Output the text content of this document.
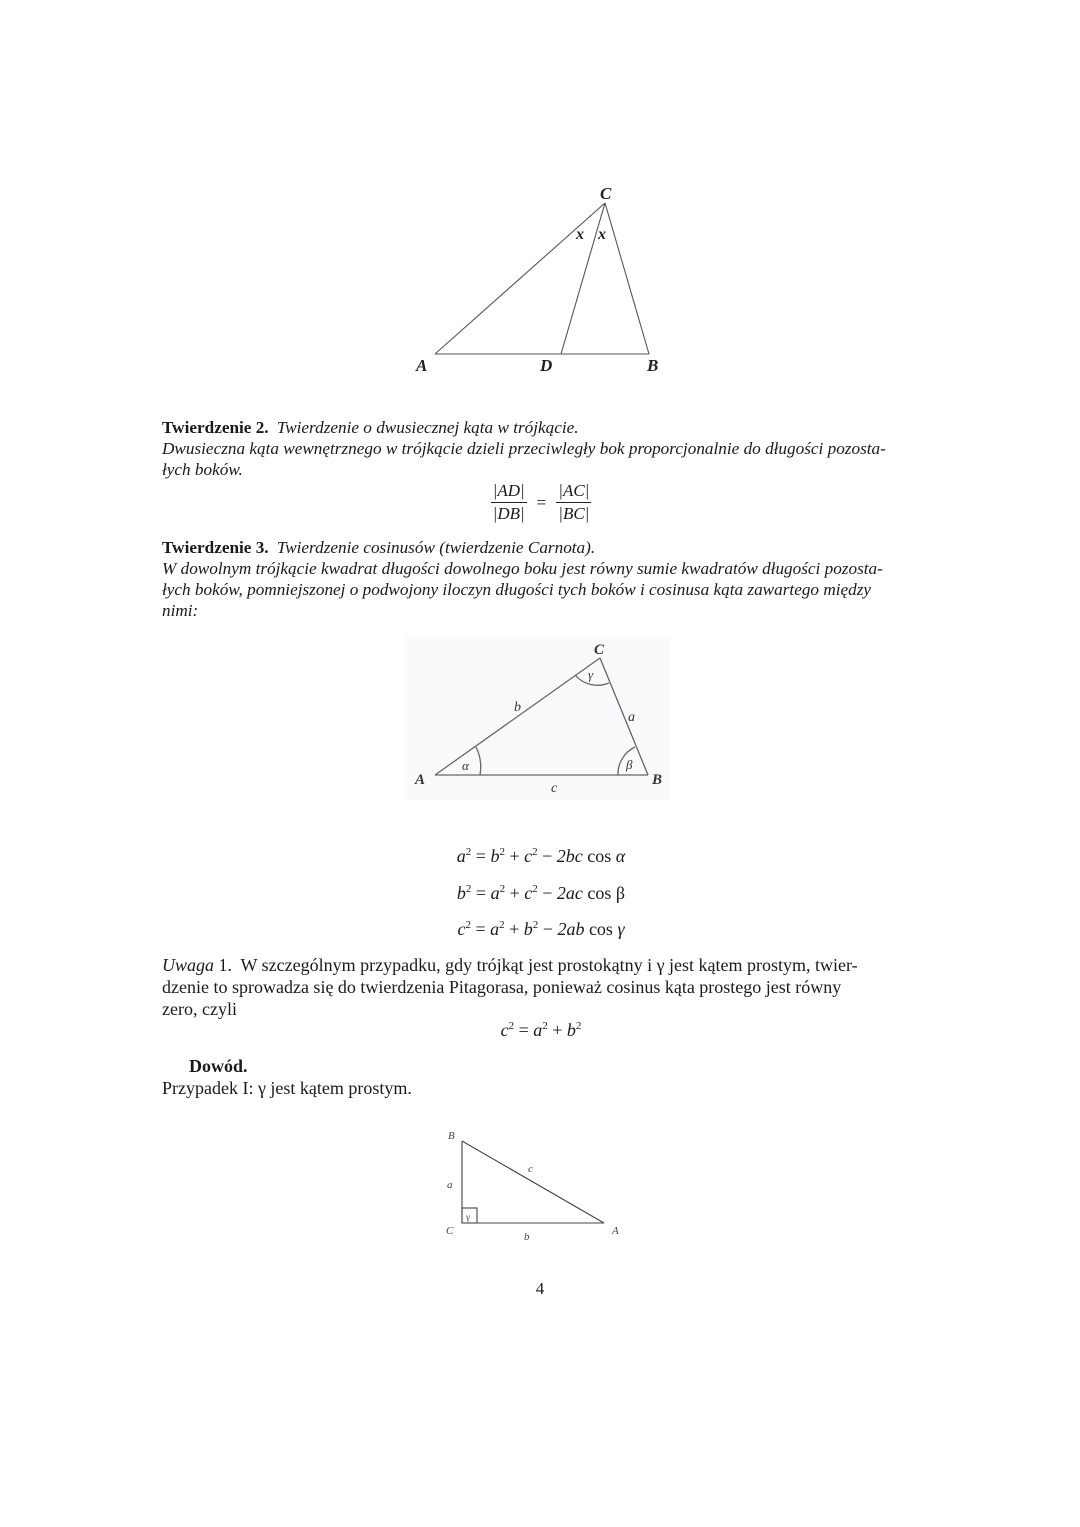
C
A	D	B
x x
Twierdzenie 2. Twierdzenie o dwusiecznej kąta w trójkącie.
Dwusieczna kąta wewnętrznego w trójkącie dzieli przeciwległy bok proporcjonalnie do długości pozosta-
łych boków.
$\frac{|AD|}{|DB|} = \frac{|AC|}{|BC|}$
Twierdzenie 3. Twierdzenie cosinusów (twierdzenie Carnota).
W dowolnym trójkącie kwadrat długości dowolnego boku jest równy sumie kwadratów długości pozosta-
łych boków, pomniejszonej o podwojony iloczyn długości tych boków i cosinusa kąta zawartego między
nimi:
C
A	B
b
a
c
α	β
γ
$a^2 = b^2 + c^2 - 2bc$ cos α
$b^2 = a^2 + c^2 - 2ac$ cos β
$c^2 = a^2 + b^2 - 2ab$ cos γ
Uwaga 1. W szczególnym przypadku, gdy trójkąt jest prostokątny i γ jest kątem prostym, twier-
dzenie to sprowadza się do twierdzenia Pitagorasa, ponieważ cosinus kąta prostego jest równy
zero, czyli
$c^2 = a^2 + b^2$
Dowód.
Przypadek I: γ jest kątem prostym.
B
C	A
a
b
c
γ
4
